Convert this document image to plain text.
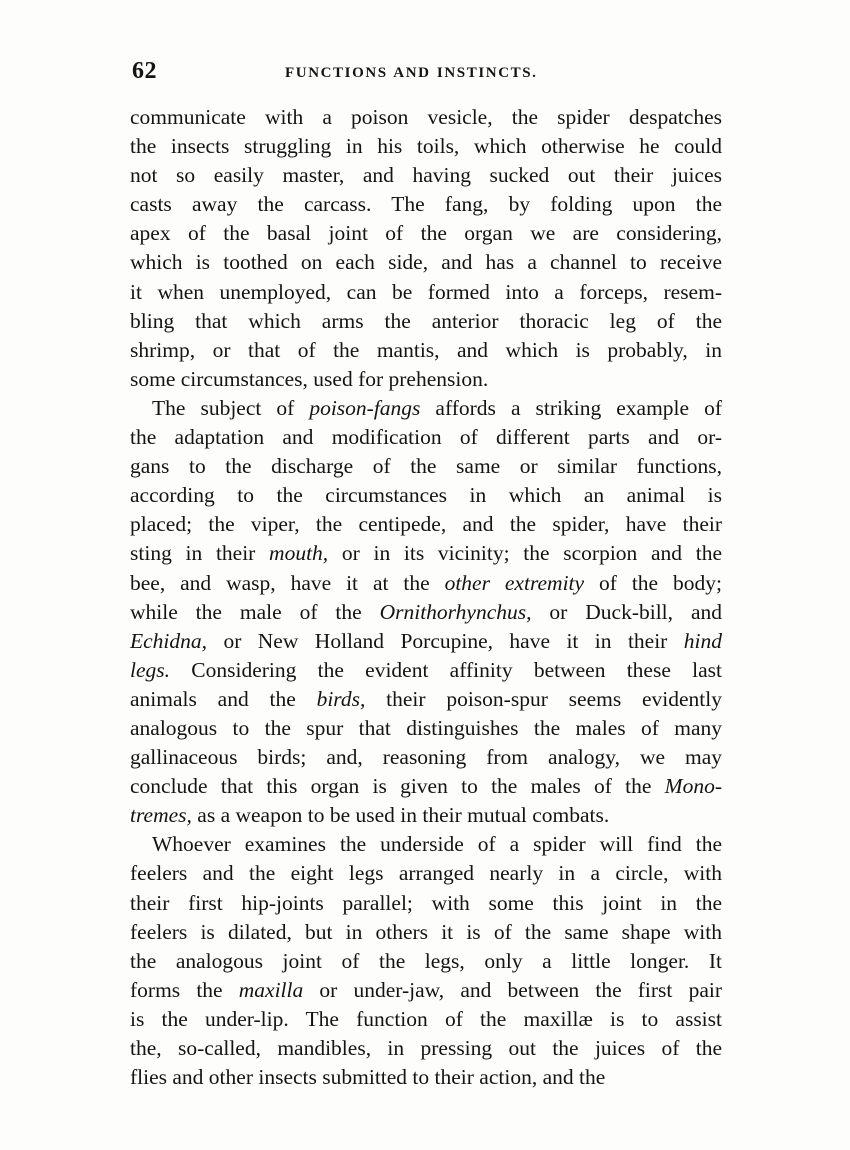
62	FUNCTIONS AND INSTINCTS.
communicate with a poison vesicle, the spider despatches
the insects struggling in his toils, which otherwise he could
not so easily master, and having sucked out their juices
casts away the carcass. The fang, by folding upon the
apex of the basal joint of the organ we are considering,
which is toothed on each side, and has a channel to receive
it when unemployed, can be formed into a forceps, resem-
bling that which arms the anterior thoracic leg of the
shrimp, or that of the mantis, and which is probably, in
some circumstances, used for prehension.
The subject of poison-fangs affords a striking example of
the adaptation and modification of different parts and or-
gans to the discharge of the same or similar functions,
according to the circumstances in which an animal is
placed; the viper, the centipede, and the spider, have their
sting in their mouth, or in its vicinity; the scorpion and the
bee, and wasp, have it at the other extremity of the body;
while the male of the Ornithorhynchus, or Duck-bill, and
Echidna, or New Holland Porcupine, have it in their hind
legs. Considering the evident affinity between these last
animals and the birds, their poison-spur seems evidently
analogous to the spur that distinguishes the males of many
gallinaceous birds; and, reasoning from analogy, we may
conclude that this organ is given to the males of the Mono-
tremes, as a weapon to be used in their mutual combats.
Whoever examines the underside of a spider will find the
feelers and the eight legs arranged nearly in a circle, with
their first hip-joints parallel; with some this joint in the
feelers is dilated, but in others it is of the same shape with
the analogous joint of the legs, only a little longer. It
forms the maxilla or under-jaw, and between the first pair
is the under-lip. The function of the maxillæ is to assist
the, so-called, mandibles, in pressing out the juices of the
flies and other insects submitted to their action, and the
